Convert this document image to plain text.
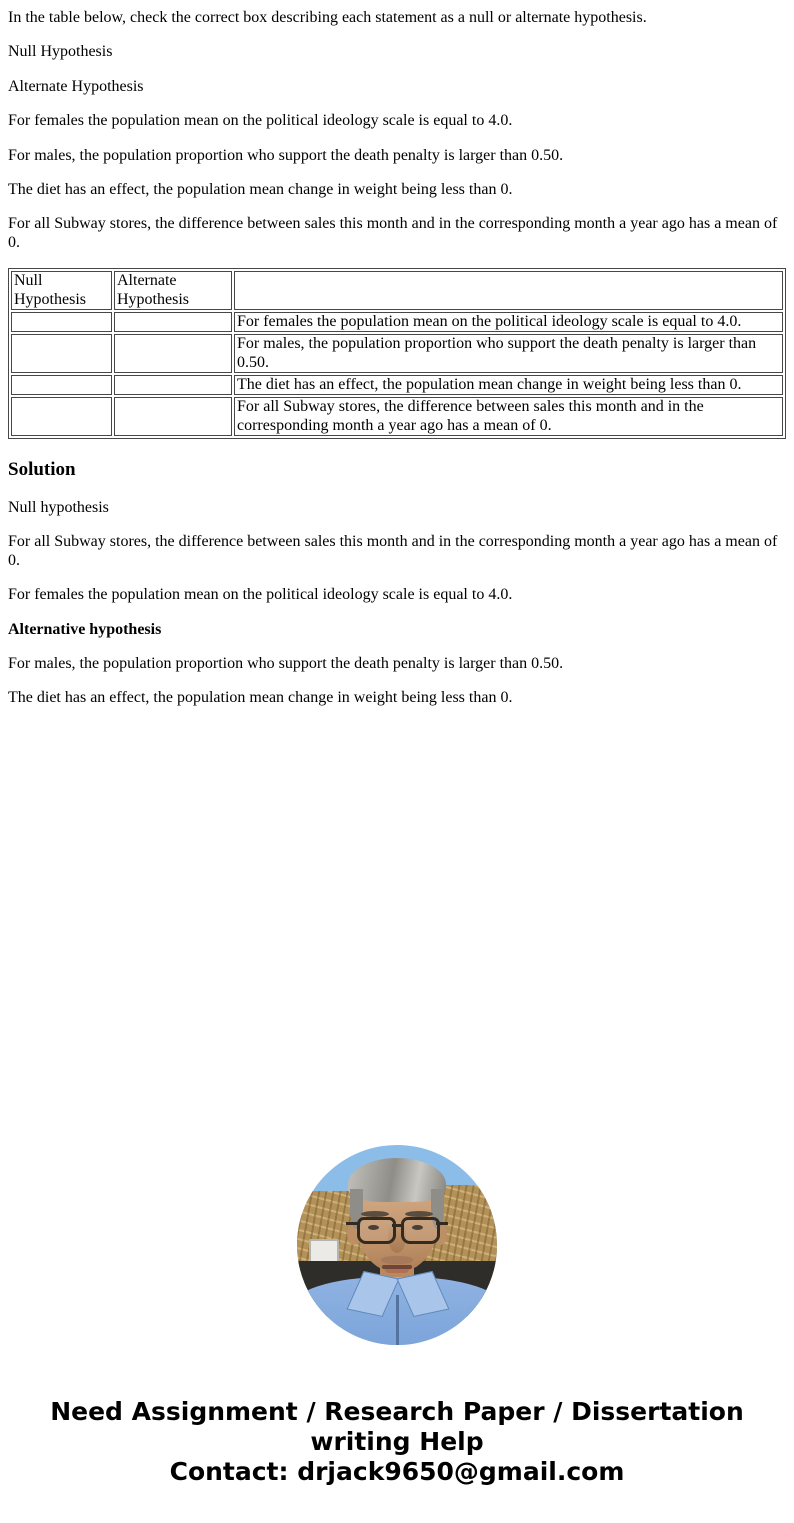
In the table below, check the correct box describing each statement as a null or alternate hypothesis.

Null Hypothesis

Alternate Hypothesis

For females the population mean on the political ideology scale is equal to 4.0.

For males, the population proportion who support the death penalty is larger than 0.50.

The diet has an effect, the population mean change in weight being less than 0.

For all Subway stores, the difference between sales this month and in the corresponding month a year ago has a mean of 0.

Null Hypothesis	Alternate Hypothesis	
		For females the population mean on the political ideology scale is equal to 4.0.
		For males, the population proportion who support the death penalty is larger than 0.50.
		The diet has an effect, the population mean change in weight being less than 0.
		For all Subway stores, the difference between sales this month and in the corresponding month a year ago has a mean of 0.
Solution

Null hypothesis

For all Subway stores, the difference between sales this month and in the corresponding month a year ago has a mean of 0.

For females the population mean on the political ideology scale is equal to 4.0.

Alternative hypothesis

For males, the population proportion who support the death penalty is larger than 0.50.

The diet has an effect, the population mean change in weight being less than 0.

Need Assignment / Research Paper / Dissertation
writing Help
Contact: drjack9650@gmail.com
